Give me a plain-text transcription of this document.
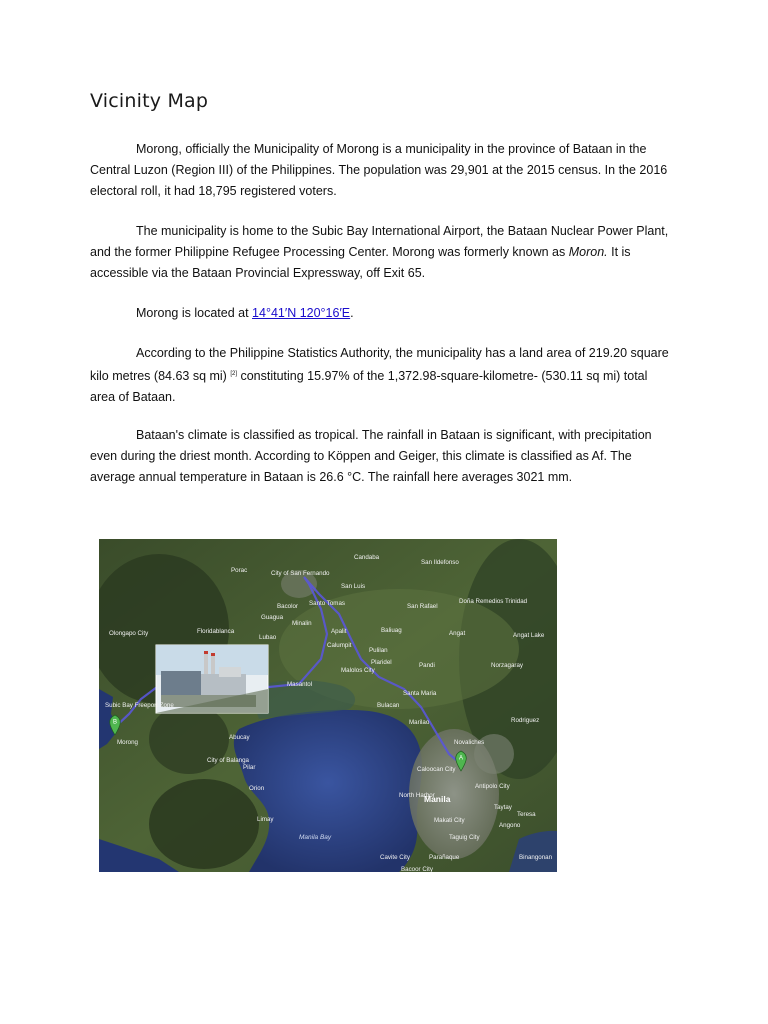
Vicinity Map

Morong, officially the Municipality of Morong is a municipality in the province of Bataan in the Central Luzon (Region III) of the Philippines. The population was 29,901 at the 2015 census. In the 2016 electoral roll, it had 18,795 registered voters.

The municipality is home to the Subic Bay International Airport, the Bataan Nuclear Power Plant, and the former Philippine Refugee Processing Center. Morong was formerly known as Moron. It is accessible via the Bataan Provincial Expressway, off Exit 65.

Morong is located at 14°41′N 120°16′E.

According to the Philippine Statistics Authority, the municipality has a land area of 219.20 square kilo metres (84.63 sq mi) [2] constituting 15.97% of the 1,372.98-square-kilometre- (530.11 sq mi) total area of Bataan.

Bataan's climate is classified as tropical. The rainfall in Bataan is significant, with precipitation even during the driest month. According to Köppen and Geiger, this climate is classified as Af. The average annual temperature in Bataan is 26.6 °C. The rainfall here averages 3021 mm.

B
A
Candaba
San Ildefonso
Porac	City of San Fernando
San Luis
Doña Remedios Trinidad
Guagua
Bacolor Santo Tomas	San Rafael
Floridablanca
Lubao
Minalin
Apalit	Baliuag	Angat	Angat Lake
Olongapo City
Calumpit
Pulilan
Plaridel	Pandi	Norzagaray
Masantol
Malolos City
Subic Bay Freeport Zone
Santa Maria
Bulacan
Morong
Abucay
Marilao	Rodriguez
Novaliches
City of Balanga
Pilar	Caloocan City
Antipolo City
Orion
Manila
North Harbor
Taytay
Teresa
Limay	Makati City
Angono
Manila Bay	Taguig City
Cavite City	Parañaque	Binangonan
Bacoor City
